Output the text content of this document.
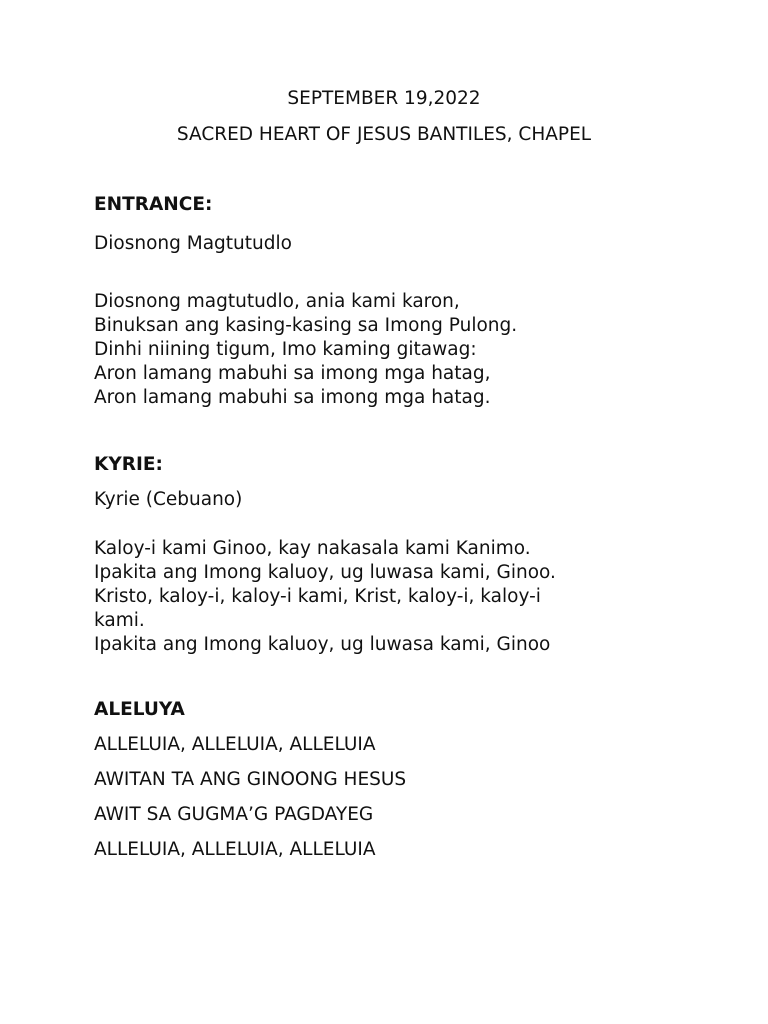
SEPTEMBER 19,2022
SACRED HEART OF JESUS BANTILES, CHAPEL
ENTRANCE:
Diosnong Magtutudlo
Diosnong magtutudlo, ania kami karon,
Binuksan ang kasing-kasing sa Imong Pulong.
Dinhi niining tigum, Imo kaming gitawag:
Aron lamang mabuhi sa imong mga hatag,
Aron lamang mabuhi sa imong mga hatag.
KYRIE:
Kyrie (Cebuano)
Kaloy-i kami Ginoo, kay nakasala kami Kanimo.
Ipakita ang Imong kaluoy, ug luwasa kami, Ginoo.
Kristo, kaloy-i, kaloy-i kami, Krist, kaloy-i, kaloy-i
kami.
Ipakita ang Imong kaluoy, ug luwasa kami, Ginoo
ALELUYA
ALLELUIA, ALLELUIA, ALLELUIA
AWITAN TA ANG GINOONG HESUS
AWIT SA GUGMA’G PAGDAYEG
ALLELUIA, ALLELUIA, ALLELUIA
